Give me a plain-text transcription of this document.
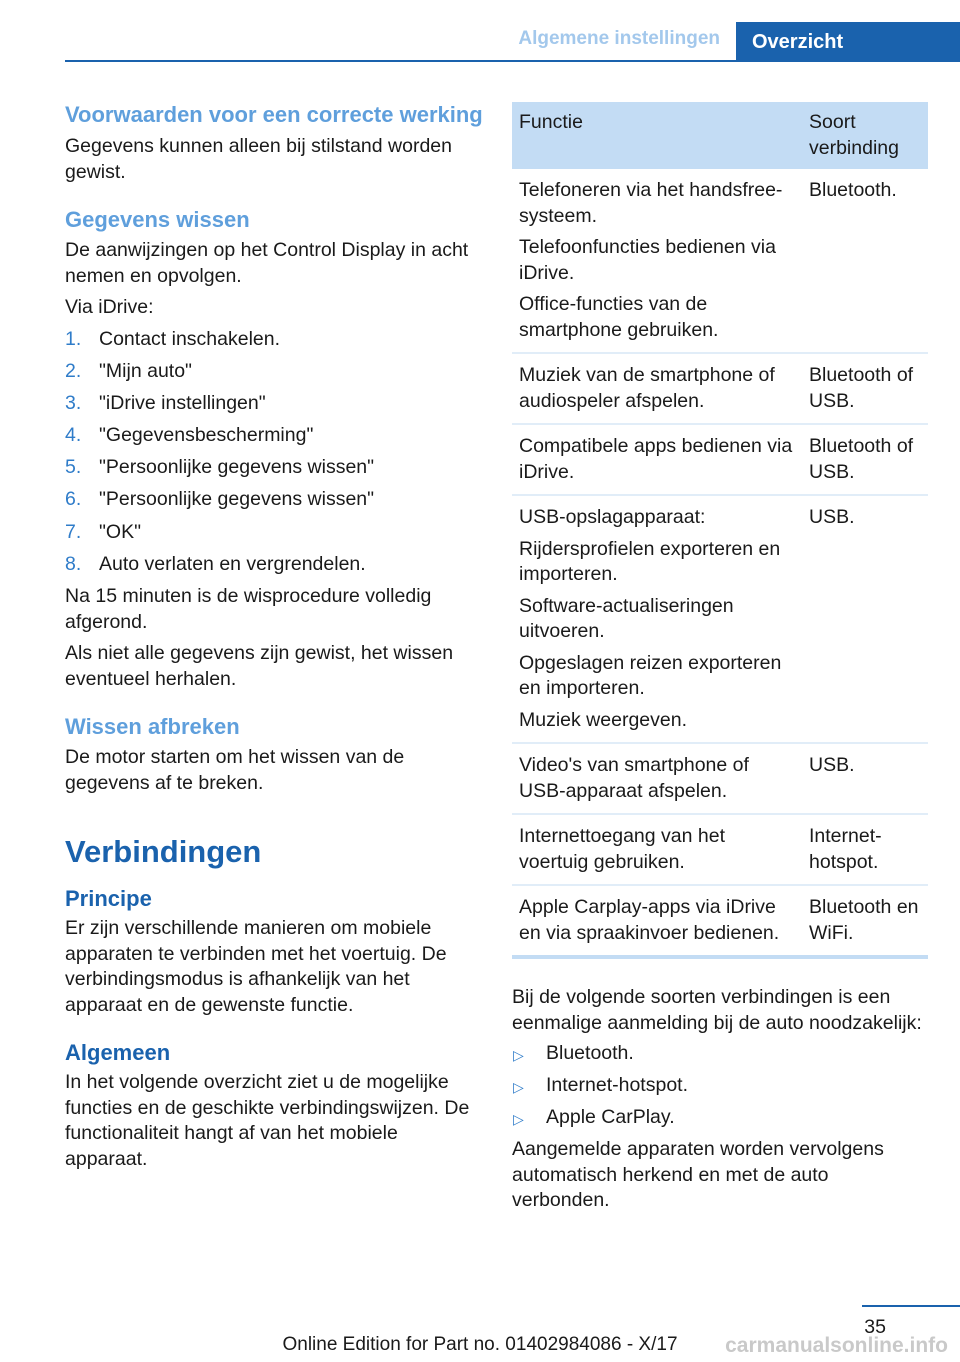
Algemene instellingen	Overzicht
Voorwaarden voor een correcte werking

Gegevens kunnen alleen bij stilstand worden gewist.

Gegevens wissen

De aanwijzingen op het Control Display in acht nemen en opvolgen.

Via iDrive:

1. Contact inschakelen.
2. "Mijn auto"
3. "iDrive instellingen"
4. "Gegevensbescherming"
5. "Persoonlijke gegevens wissen"
6. "Persoonlijke gegevens wissen"
7. "OK"
8. Auto verlaten en vergrendelen.

Na 15 minuten is de wisprocedure volledig afgerond.

Als niet alle gegevens zijn gewist, het wissen eventueel herhalen.

Wissen afbreken

De motor starten om het wissen van de gegevens af te breken.

Verbindingen
Principe

Er zijn verschillende manieren om mobiele apparaten te verbinden met het voertuig. De verbindingsmodus is afhankelijk van het apparaat en de gewenste functie.

Algemeen

In het volgende overzicht ziet u de mogelijke functies en de geschikte verbindingswijzen. De functionaliteit hangt af van het mobiele apparaat.

Functie	Soort verbinding

Telefoneren via het handsfree-systeem.
Telefoonfuncties bedienen via iDrive.
Office-functies van de smartphone gebruiken.	Bluetooth.

Muziek van de smartphone of audiospeler afspelen.	Bluetooth of USB.

Compatibele apps bedienen via iDrive.	Bluetooth of USB.

USB-opslagapparaat:
Rijdersprofielen exporteren en importeren.
Software-actualiseringen uitvoeren.
Opgeslagen reizen exporteren en importeren.
Muziek weergeven.	USB.

Video's van smartphone of USB-apparaat afspelen.	USB.

Internettoegang van het voertuig gebruiken.	Internet-hotspot.

Apple Carplay-apps via iDrive en via spraakinvoer bedienen.	Bluetooth en WiFi.

Bij de volgende soorten verbindingen is een eenmalige aanmelding bij de auto noodzakelijk:

▷ Bluetooth.
▷ Internet-hotspot.
▷ Apple CarPlay.

Aangemelde apparaten worden vervolgens automatisch herkend en met de auto verbonden.

35
Online Edition for Part no. 01402984086 - X/17	carmanualsonline.info
